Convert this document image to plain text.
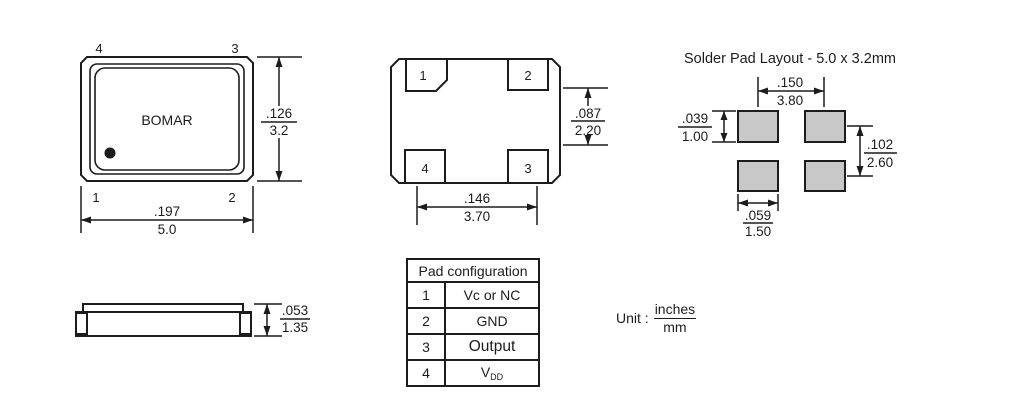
BOMAR
4	3
1	2
.126
3.2
.197
5.0
1	2
4	3
.087
2.20
.146
3.70
Solder Pad Layout - 5.0 x 3.2mm
.150
3.80
.039
1.00
.102
2.60
.059
1.50
.053
1.35
Pad configuration	
1	Vc or NC
2	GND
3	Output
4	$V_{DD}$
Unit : $\frac{\text{inches}}{mm}$
